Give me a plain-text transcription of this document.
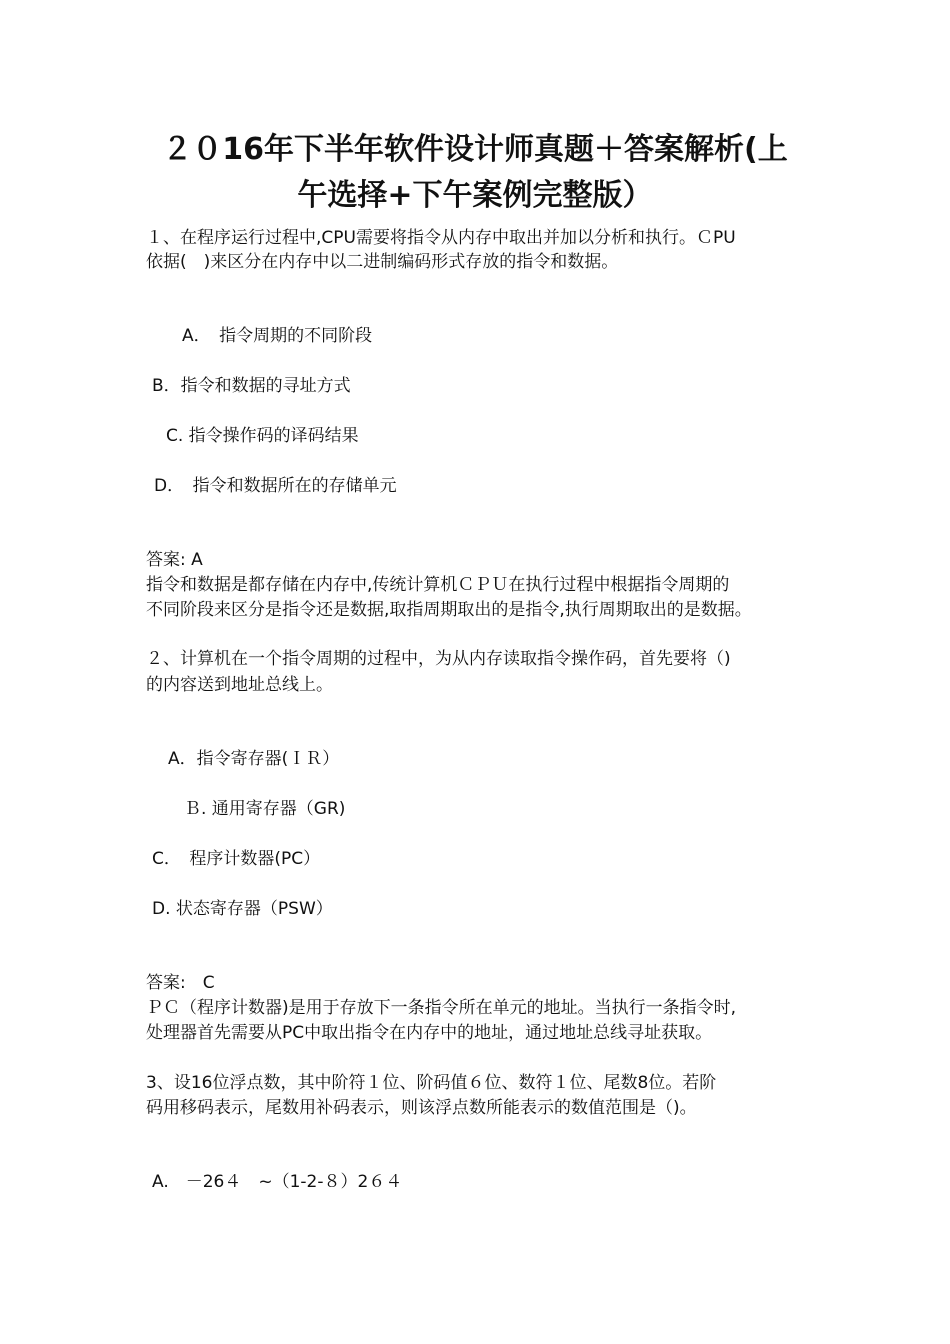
２０16年下半年软件设计师真题＋答案解析(上
午选择+下午案例完整版）
１、在程序运行过程中,CPU需要将指令从内存中取出并加以分析和执行。ＣPU
依据(　)来区分在内存中以二进制编码形式存放的指令和数据。
A．　指令周期的不同阶段
B．指令和数据的寻址方式
C. 指令操作码的译码结果
D．　指令和数据所在的存储单元
答案: A
指令和数据是都存储在内存中,传统计算机ＣＰＵ在执行过程中根据指令周期的
不同阶段来区分是指令还是数据,取指周期取出的是指令,执行周期取出的是数据。
２、计算机在一个指令周期的过程中，为从内存读取指令操作码，首先要将（)
的内容送到地址总线上。
A．指令寄存器(ＩＲ）
Ｂ. 通用寄存器（GR)
C．　程序计数器(PC）
D. 状态寄存器（PSW）
答案:　C
ＰＣ（程序计数器)是用于存放下一条指令所在单元的地址。当执行一条指令时,
处理器首先需要从PC中取出指令在内存中的地址，通过地址总线寻址获取。
3、设16位浮点数，其中阶符１位、阶码值６位、数符１位、尾数8位。若阶
码用移码表示，尾数用补码表示，则该浮点数所能表示的数值范围是（)。
A.　－26４　~（1-2-８）2６４
